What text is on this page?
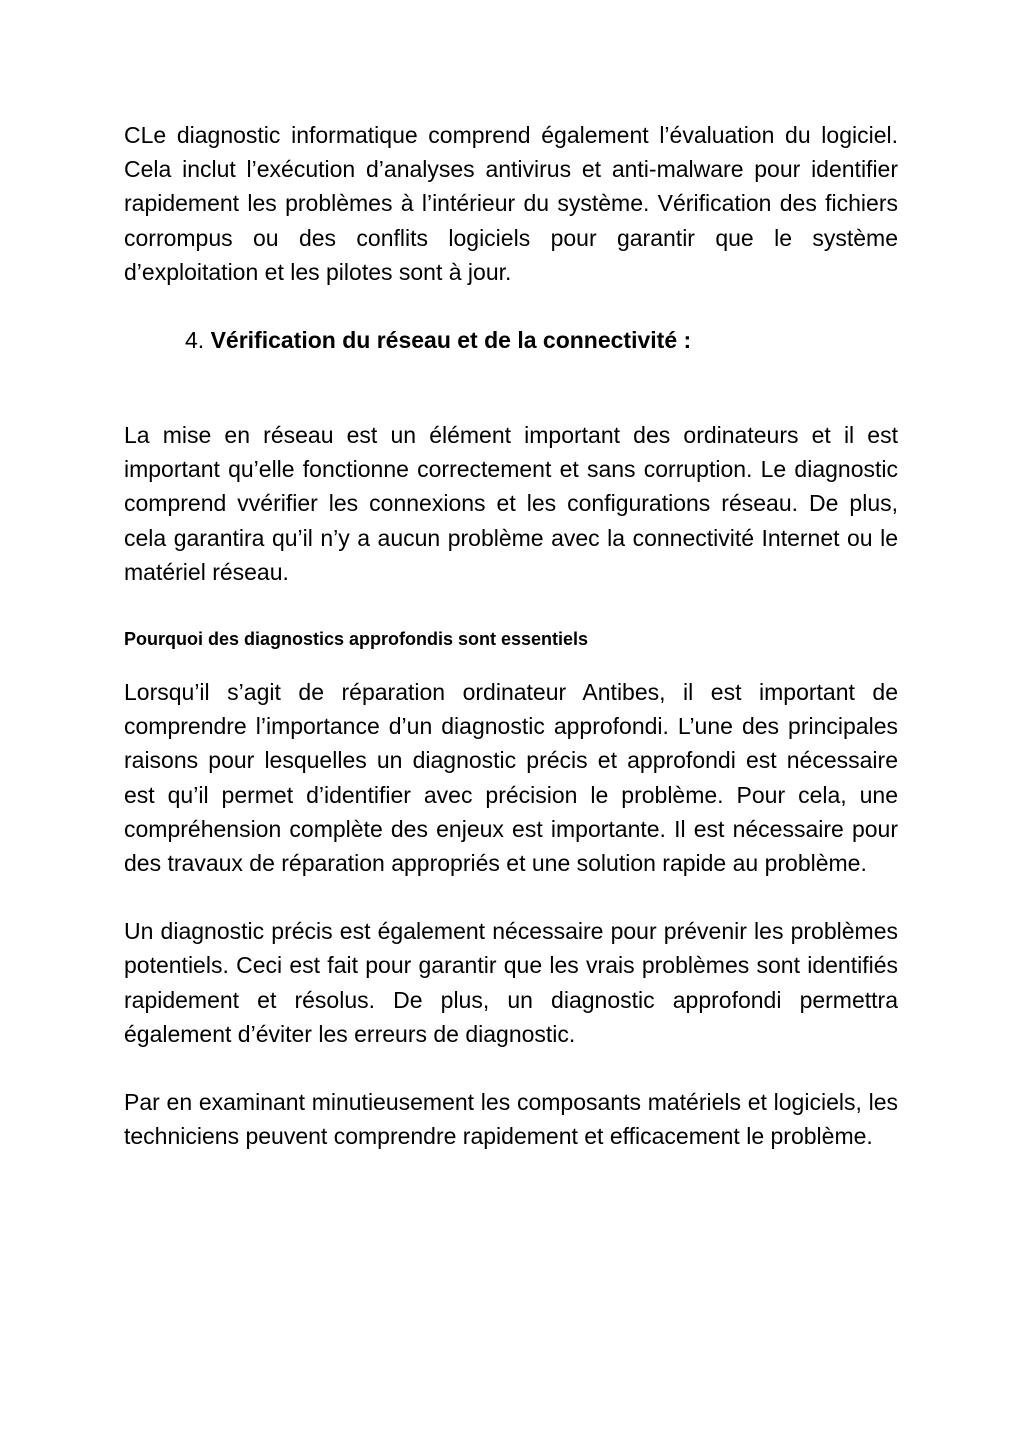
CLe diagnostic informatique comprend également l’évaluation du logiciel. Cela inclut l’exécution d’analyses antivirus et anti-malware pour identifier rapidement les problèmes à l’intérieur du système. Vérification des fichiers corrompus ou des conflits logiciels pour garantir que le système d’exploitation et les pilotes sont à jour.

4. Vérification du réseau et de la connectivité :

La mise en réseau est un élément important des ordinateurs et il est important qu’elle fonctionne correctement et sans corruption. Le diagnostic comprend vvérifier les connexions et les configurations réseau. De plus, cela garantira qu’il n’y a aucun problème avec la connectivité Internet ou le matériel réseau.

Pourquoi des diagnostics approfondis sont essentiels

Lorsqu’il s’agit de réparation ordinateur Antibes, il est important de comprendre l’importance d’un diagnostic approfondi. L’une des principales raisons pour lesquelles un diagnostic précis et approfondi est nécessaire est qu’il permet d’identifier avec précision le problème. Pour cela, une compréhension complète des enjeux est importante. Il est nécessaire pour des travaux de réparation appropriés et une solution rapide au problème.

Un diagnostic précis est également nécessaire pour prévenir les problèmes potentiels. Ceci est fait pour garantir que les vrais problèmes sont identifiés rapidement et résolus. De plus, un diagnostic approfondi permettra également d’éviter les erreurs de diagnostic.

Par en examinant minutieusement les composants matériels et logiciels, les techniciens peuvent comprendre rapidement et efficacement le problème.
